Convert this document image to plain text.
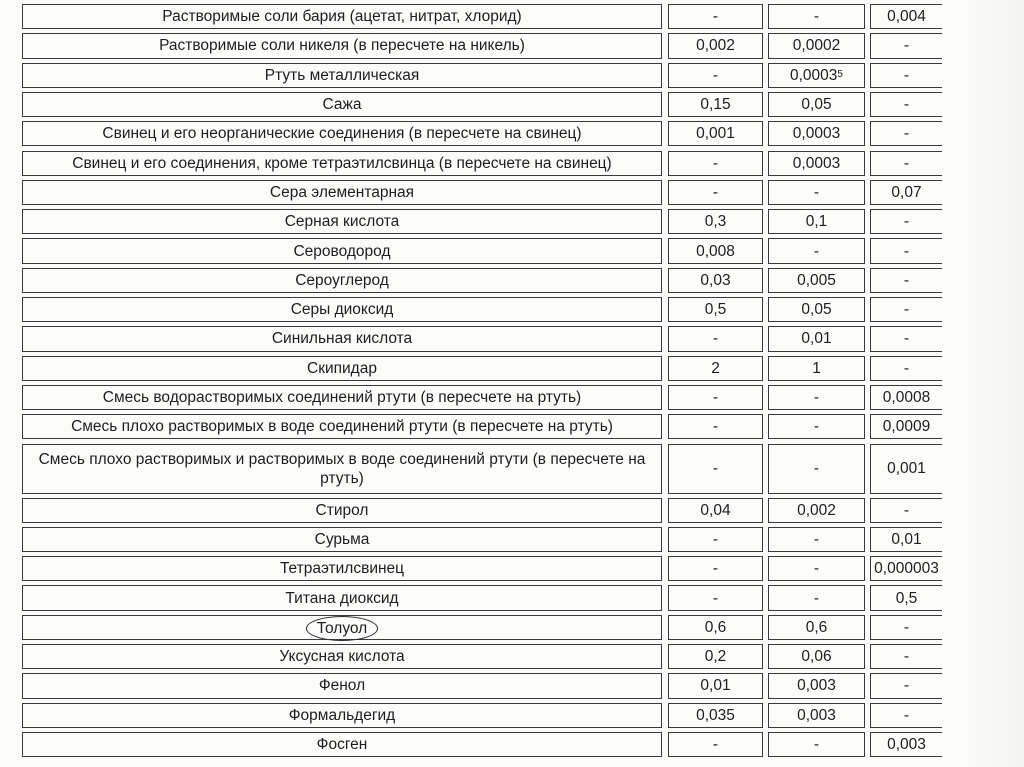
Растворимые соли бария (ацетат, нитрат, хлорид)	-	-	0,004
Растворимые соли никеля (в пересчете на никель)	0,002	0,0002	-
Ртуть металлическая	-	0,0003 5	-
Сажа	0,15	0,05	-
Свинец и его неорганические соединения (в пересчете на свинец)	0,001	0,0003	-
Свинец и его соединения, кроме тетраэтилсвинца (в пересчете на свинец)	-	0,0003	-
Сера элементарная	-	-	0,07
Серная кислота	0,3	0,1	-
Сероводород	0,008	-	-
Сероуглерод	0,03	0,005	-
Серы диоксид	0,5	0,05	-
Синильная кислота	-	0,01	-
Скипидар	2	1	-
Смесь водорастворимых соединений ртути (в пересчете на ртуть)	-	-	0,0008
Смесь плохо растворимых в воде соединений ртути (в пересчете на ртуть)	-	-	0,0009
Смесь плохо растворимых и растворимых в воде соединений ртути (в пересчете на ртуть)
-	-	0,001
Стирол	0,04	0,002	-
Сурьма	-	-	0,01
Тетраэтилсвинец	-	-	0,000003
Титана диоксид	-	-	0,5
Толуол	0,6	0,6	-
Уксусная кислота	0,2	0,06	-
Фенол	0,01	0,003	-
Формальдегид	0,035	0,003	-
Фосген	-	-	0,003
